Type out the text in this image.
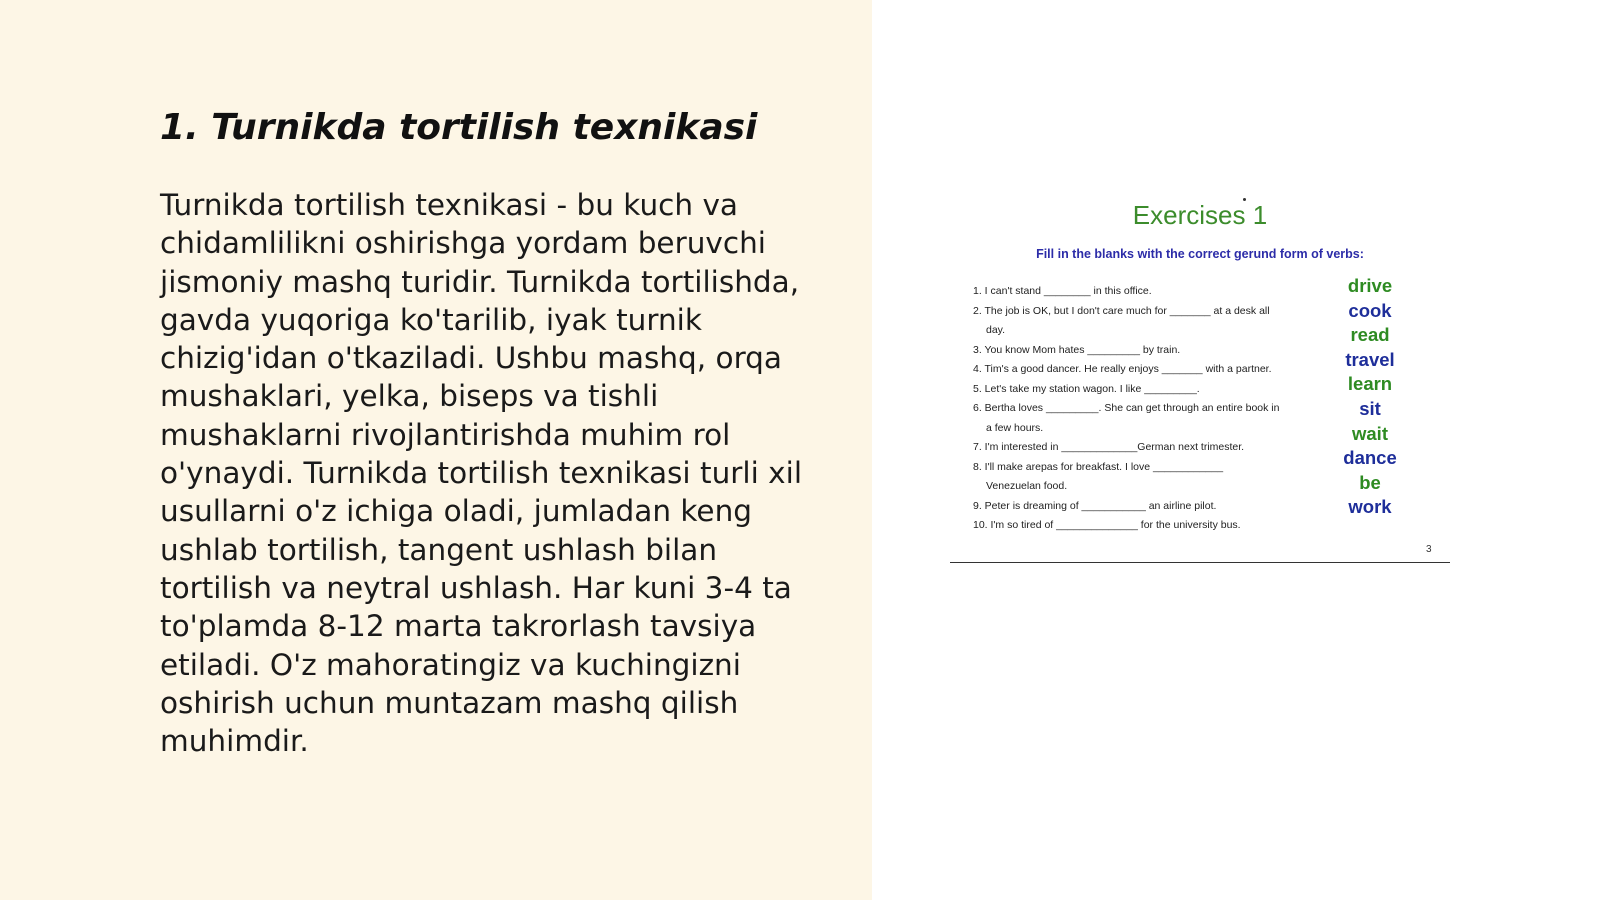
1. Turnikda tortilish texnikasi

Turnikda tortilish texnikasi - bu kuch va chidamlilikni oshirishga yordam beruvchi jismoniy mashq turidir. Turnikda tortilishda, gavda yuqoriga ko'tarilib, iyak turnik chizig'idan o'tkaziladi. Ushbu mashq, orqa mushaklari, yelka, biseps va tishli mushaklarni rivojlantirishda muhim rol o'ynaydi. Turnikda tortilish texnikasi turli xil usullarni o'z ichiga oladi, jumladan keng ushlab tortilish, tangent ushlash bilan tortilish va neytral ushlash. Har kuni 3-4 ta to'plamda 8-12 marta takrorlash tavsiya etiladi. O'z mahoratingiz va kuchingizni oshirish uchun muntazam mashq qilish muhimdir.

Exercises 1
Fill in the blanks with the correct gerund form of verbs:
1. I can't stand ________ in this office.
2. The job is OK, but I don't care much for _______ at a desk all
day.
3. You know Mom hates _________ by train.
4. Tim's a good dancer. He really enjoys _______ with a partner.
5. Let's take my station wagon. I like _________.
6. Bertha loves _________. She can get through an entire book in
a few hours.
7. I'm interested in _____________German next trimester.
8. I'll make arepas for breakfast. I love ____________
Venezuelan food.
9. Peter is dreaming of ___________ an airline pilot.
10. I'm so tired of ______________ for the university bus.
drive
cook
read
travel
learn
sit
wait
dance
be
work
3
